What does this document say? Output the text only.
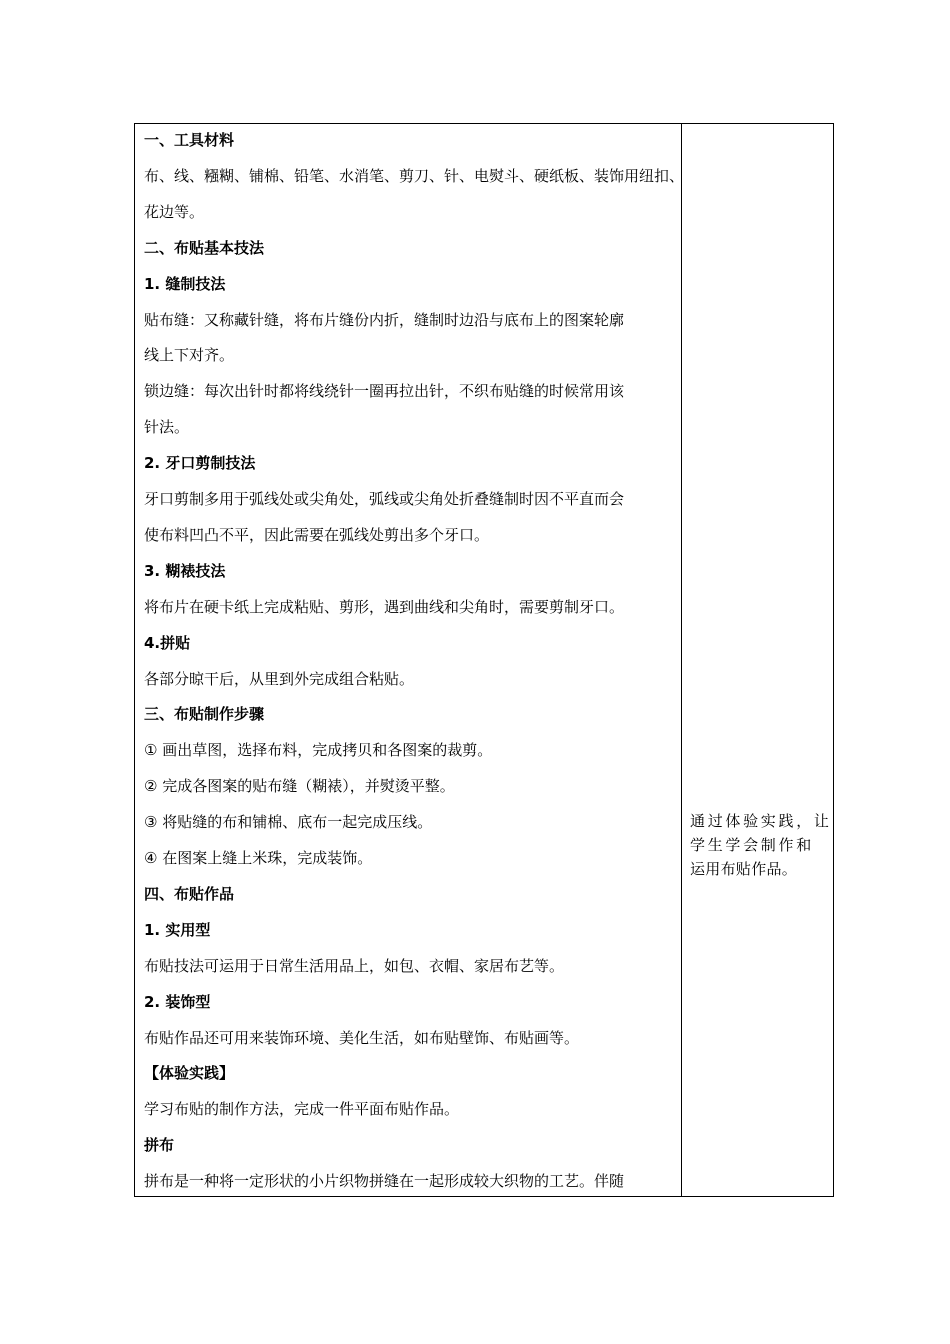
一、工具材料
布、线、糨糊、铺棉、铅笔、水消笔、剪刀、针、电熨斗、硬纸板、装饰用纽扣、
花边等。
二、布贴基本技法
1. 缝制技法
贴布缝：又称藏针缝，将布片缝份内折，缝制时边沿与底布上的图案轮廓
线上下对齐。
锁边缝：每次出针时都将线绕针一圈再拉出针，不织布贴缝的时候常用该
针法。
2. 牙口剪制技法
牙口剪制多用于弧线处或尖角处，弧线或尖角处折叠缝制时因不平直而会
使布料凹凸不平，因此需要在弧线处剪出多个牙口。
3. 糊裱技法
将布片在硬卡纸上完成粘贴、剪形，遇到曲线和尖角时，需要剪制牙口。
4.拼贴
各部分晾干后，从里到外完成组合粘贴。
三、布贴制作步骤
① 画出草图，选择布料，完成拷贝和各图案的裁剪。
② 完成各图案的贴布缝（糊裱），并熨烫平整。
③ 将贴缝的布和铺棉、底布一起完成压线。
④ 在图案上缝上米珠，完成装饰。
四、布贴作品
1. 实用型
布贴技法可运用于日常生活用品上，如包、衣帽、家居布艺等。
2. 装饰型
布贴作品还可用来装饰环境、美化生活，如布贴壁饰、布贴画等。
【体验实践】
学习布贴的制作方法，完成一件平面布贴作品。
拼布
拼布是一种将一定形状的小片织物拼缝在一起形成较大织物的工艺。伴随
通过体验实践，让
学生学会制作和
运用布贴作品。
